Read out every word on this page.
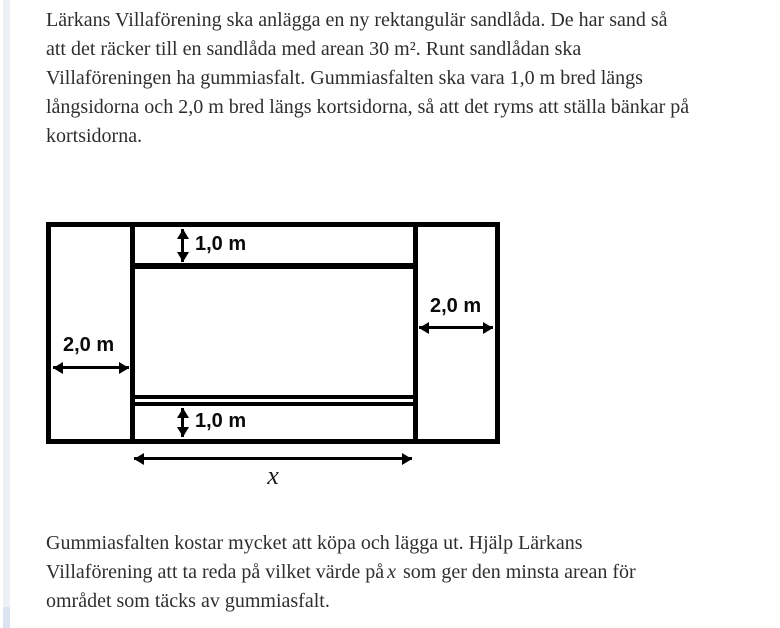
Lärkans Villaförening ska anlägga en ny rektangulär sandlåda. De har sand så
att det räcker till en sandlåda med arean 30 m². Runt sandlådan ska
Villaföreningen ha gummiasfalt. Gummiasfalten ska vara 1,0 m bred längs
långsidorna och 2,0 m bred längs kortsidorna, så att det ryms att ställa bänkar på
kortsidorna.
1,0 m
1,0 m
2,0 m
2,0 m
x
Gummiasfalten kostar mycket att köpa och lägga ut. Hjälp Lärkans
Villaförening att ta reda på vilket värde på x som ger den minsta arean för
området som täcks av gummiasfalt.
